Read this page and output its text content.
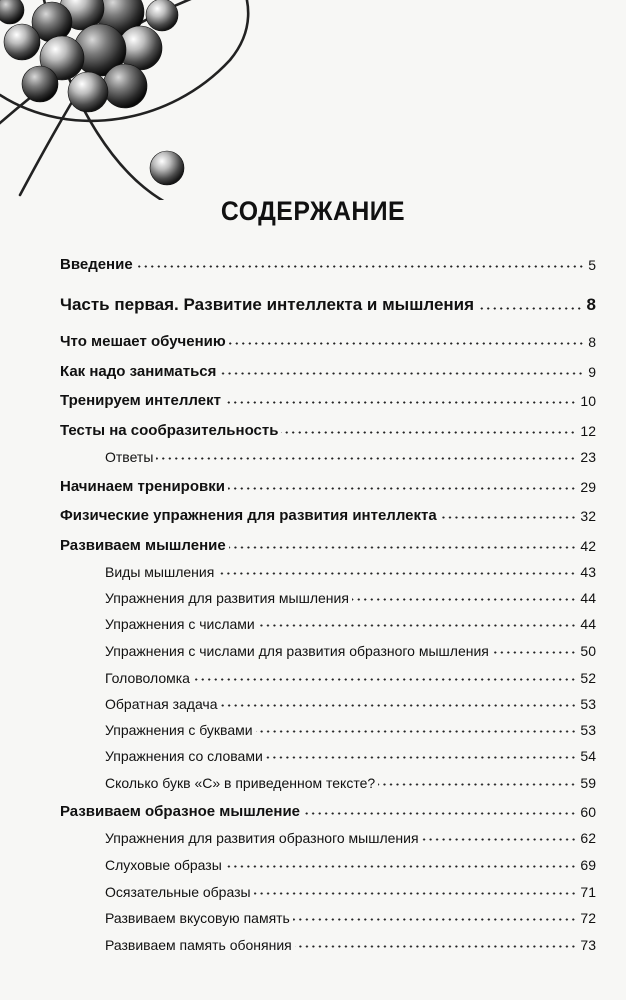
СОДЕРЖАНИЕ
Введение	5
Часть первая. Развитие интеллекта и мышления	8
Что мешает обучению	8
Как надо заниматься	9
Тренируем интеллект	10
Тесты на сообразительность	12
Ответы	23
Начинаем тренировки	29
Физические упражнения для развития интеллекта	32
Развиваем мышление	42
Виды мышления	43
Упражнения для развития мышления	44
Упражнения с числами	44
Упражнения с числами для развития образного мышления	50
Головоломка	52
Обратная задача	53
Упражнения с буквами	53
Упражнения со словами	54
Сколько букв «С» в приведенном тексте?	59
Развиваем образное мышление	60
Упражнения для развития образного мышления	62
Слуховые образы	69
Осязательные образы	71
Развиваем вкусовую память	72
Развиваем память обоняния	73
